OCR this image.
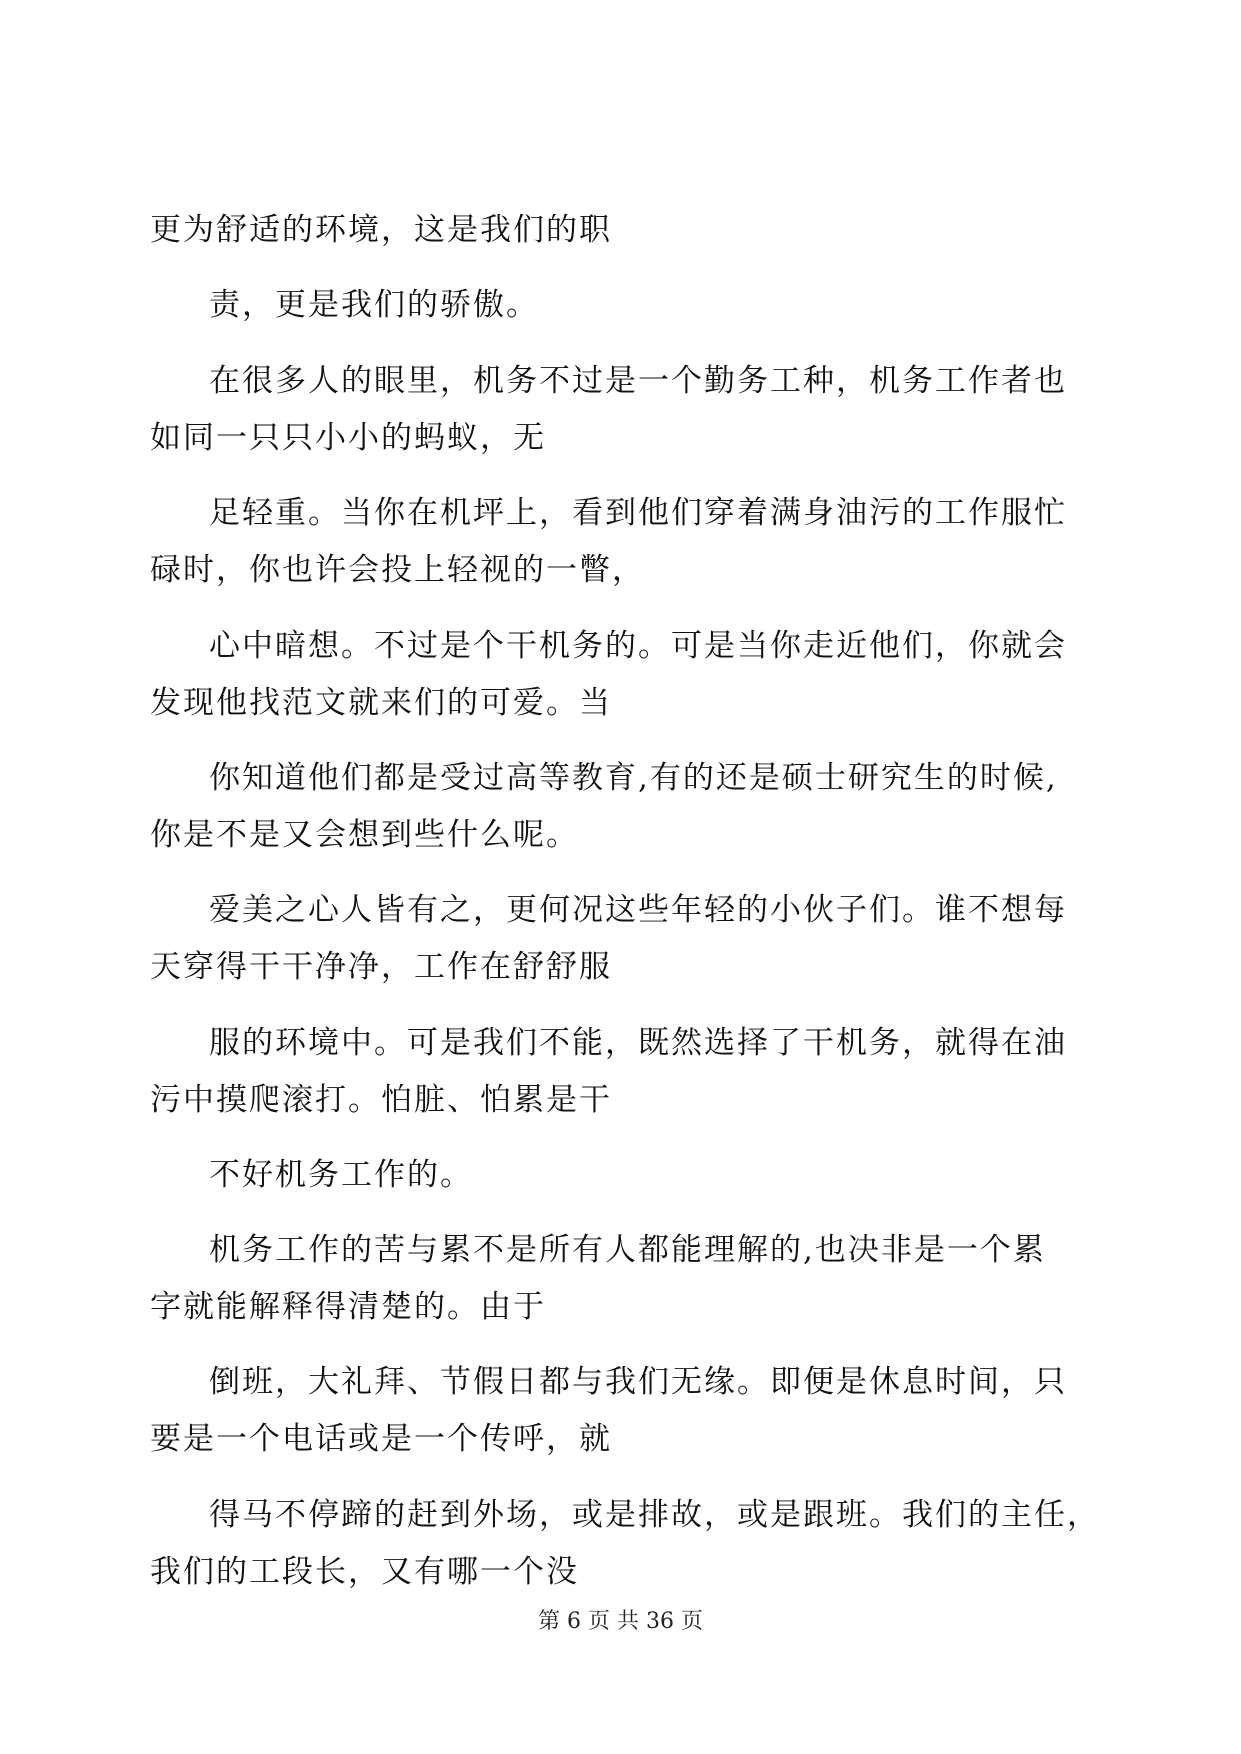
更为舒适的环境，这是我们的职
责，更是我们的骄傲。
在很多人的眼里，机务不过是一个勤务工种，机务工作者也
如同一只只小小的蚂蚁，无
足轻重。当你在机坪上，看到他们穿着满身油污的工作服忙
碌时，你也许会投上轻视的一瞥，
心中暗想。不过是个干机务的。可是当你走近他们，你就会
发现他找范文就来们的可爱。当
你知道他们都是受过高等教育,有的还是硕士研究生的时候,
你是不是又会想到些什么呢。
爱美之心人皆有之，更何况这些年轻的小伙子们。谁不想每
天穿得干干净净，工作在舒舒服
服的环境中。可是我们不能，既然选择了干机务，就得在油
污中摸爬滚打。怕脏、怕累是干
不好机务工作的。
机务工作的苦与累不是所有人都能理解的,也决非是一个累
字就能解释得清楚的。由于
倒班，大礼拜、节假日都与我们无缘。即便是休息时间，只
要是一个电话或是一个传呼，就
得马不停蹄的赶到外场，或是排故，或是跟班。我们的主任，
我们的工段长，又有哪一个没
第 6 页 共 36 页
